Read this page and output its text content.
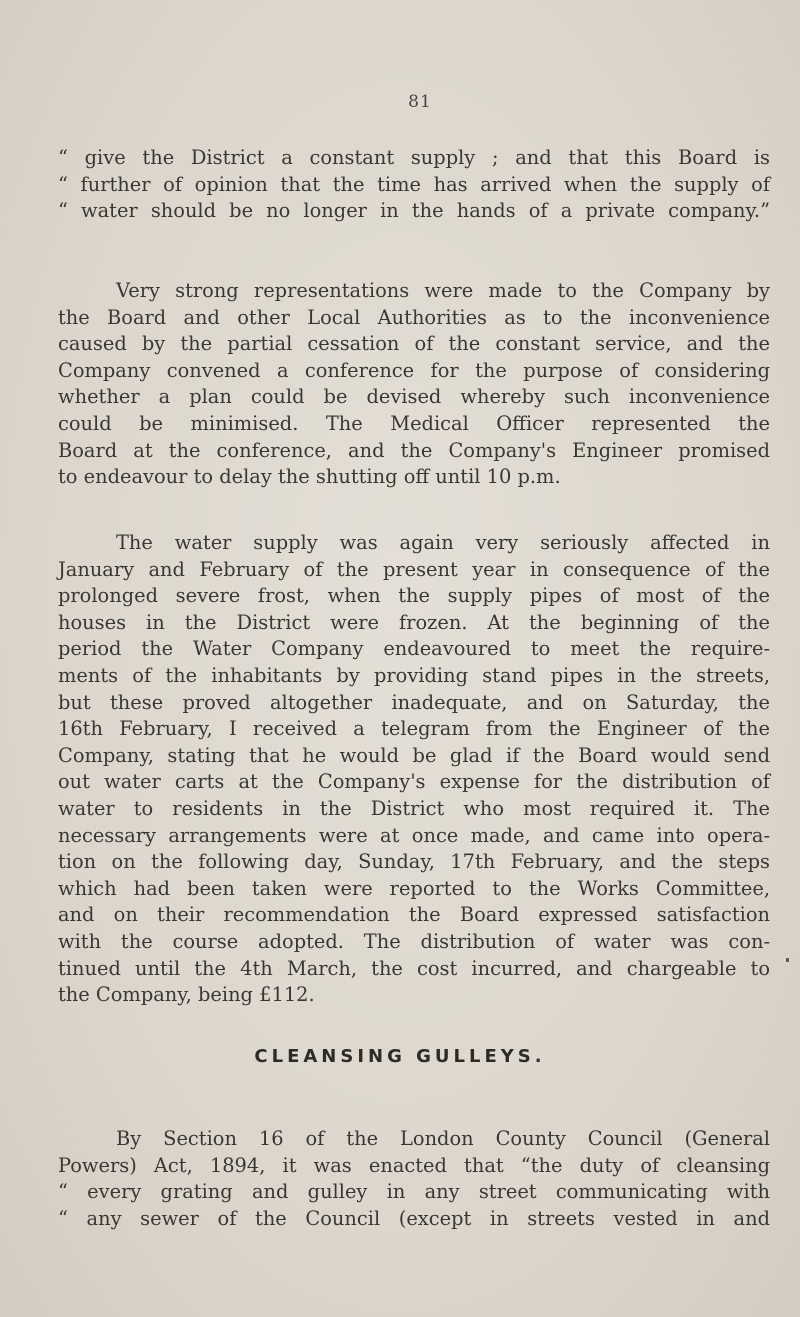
81
“ give the District a constant supply ; and that this Board is
“ further of opinion that the time has arrived when the supply of
“ water should be no longer in the hands of a private company.”
Very strong representations were made to the Company by
the Board and other Local Authorities as to the inconvenience
caused by the partial cessation of the constant service, and the
Company convened a conference for the purpose of considering
whether a plan could be devised whereby such inconvenience
could be minimised. The Medical Officer represented the
Board at the conference, and the Company's Engineer promised
to endeavour to delay the shutting off until 10 p.m.
The water supply was again very seriously affected in
January and February of the present year in consequence of the
prolonged severe frost, when the supply pipes of most of the
houses in the District were frozen. At the beginning of the
period the Water Company endeavoured to meet the require-
ments of the inhabitants by providing stand pipes in the streets,
but these proved altogether inadequate, and on Saturday, the
16th February, I received a telegram from the Engineer of the
Company, stating that he would be glad if the Board would send
out water carts at the Company's expense for the distribution of
water to residents in the District who most required it. The
necessary arrangements were at once made, and came into opera-
tion on the following day, Sunday, 17th February, and the steps
which had been taken were reported to the Works Committee,
and on their recommendation the Board expressed satisfaction
with the course adopted. The distribution of water was con-
tinued until the 4th March, the cost incurred, and chargeable to
the Company, being £112.
CLEANSING GULLEYS.
By Section 16 of the London County Council (General
Powers) Act, 1894, it was enacted that “the duty of cleansing
“ every grating and gulley in any street communicating with
“ any sewer of the Council (except in streets vested in and
